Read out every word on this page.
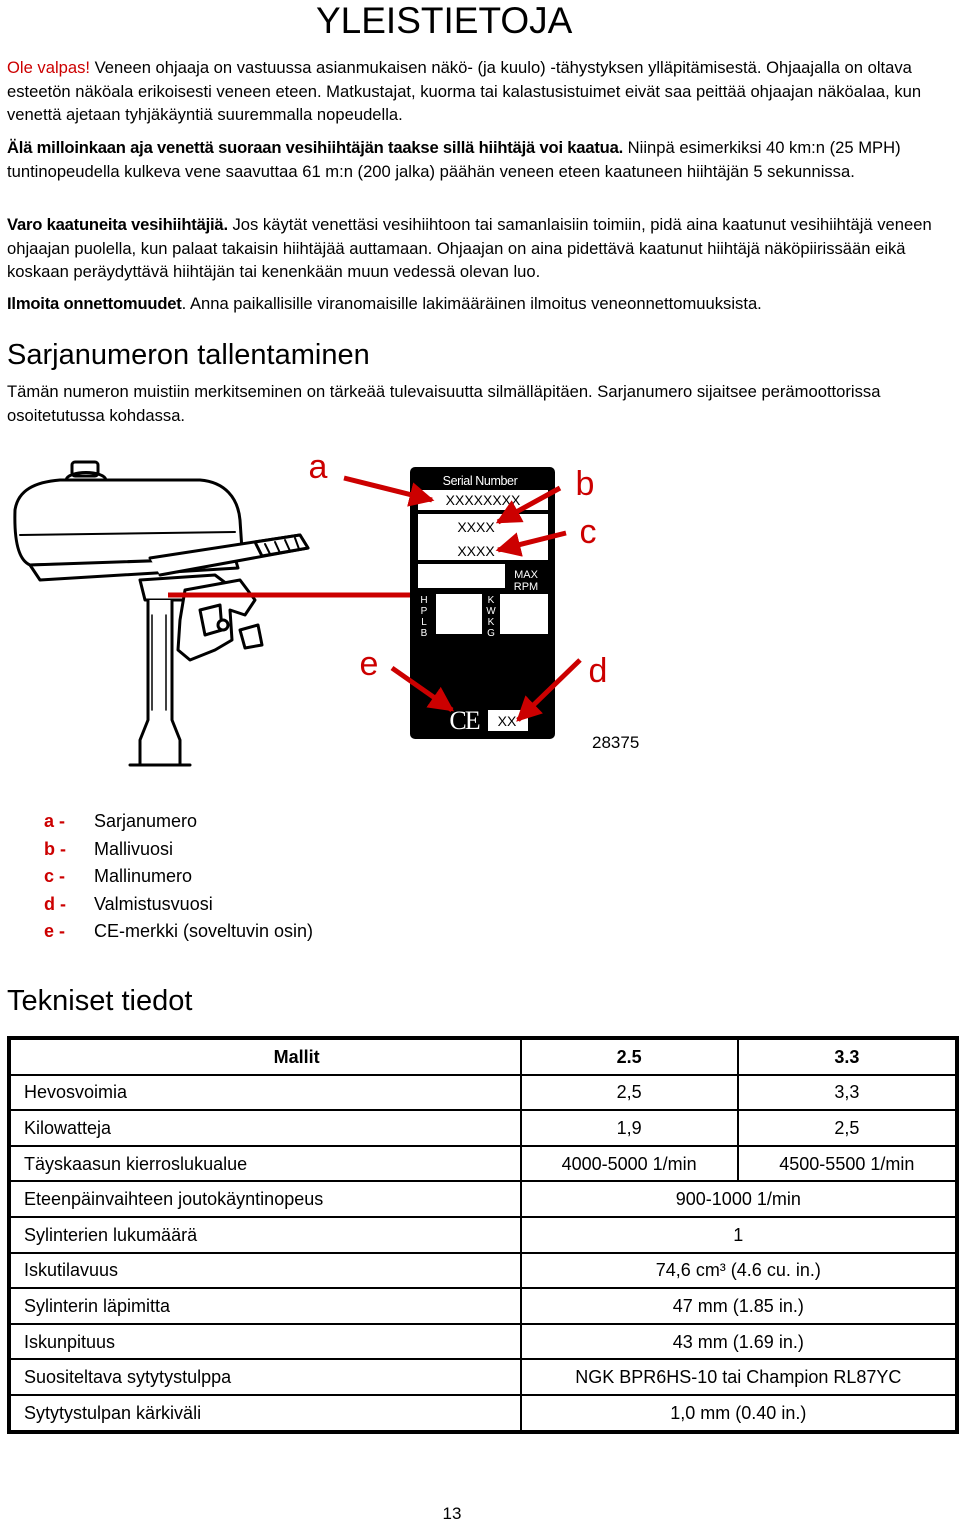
YLEISTIETOJA
Ole valpas! Veneen ohjaaja on vastuussa asianmukaisen näkö- (ja kuulo) -tähystyksen ylläpitämisestä. Ohjaajalla on oltava esteetön näköala erikoisesti veneen eteen. Matkustajat, kuorma tai kalastusistuimet eivät saa peittää ohjaajan näköalaa, kun venettä ajetaan tyhjäkäyntiä suuremmalla nopeudella.
Älä milloinkaan aja venettä suoraan vesihiihtäjän taakse sillä hiihtäjä voi kaatua. Niinpä esimerkiksi 40 km:n (25 MPH) tuntinopeudella kulkeva vene saavuttaa 61 m:n (200 jalka) päähän veneen eteen kaatuneen hiihtäjän 5 sekunnissa.
Varo kaatuneita vesihiihtäjiä. Jos käytät venettäsi vesihiihtoon tai samanlaisiin toimiin, pidä aina kaatunut vesihiihtäjä veneen ohjaajan puolella, kun palaat takaisin hiihtäjää auttamaan. Ohjaajan on aina pidettävä kaatunut hiihtäjä näköpiirissään eikä koskaan peräydyttävä hiihtäjän tai kenenkään muun vedessä olevan luo.
Ilmoita onnettomuudet. Anna paikallisille viranomaisille lakimääräinen ilmoitus veneonnettomuuksista.
Sarjanumeron tallentaminen
Tämän numeron muistiin merkitseminen on tärkeää tulevaisuutta silmälläpitäen. Sarjanumero sijaitsee perämoottorissa osoitetutussa kohdassa.
Serial Number
XXXXXXXX
XXXX
XXXX
MAX
RPM
H
P
L
B
K
W
K
G
CE XX
a	b
c
d
e
28375
a -	Sarjanumero
b -	Mallivuosi
c -	Mallinumero
d -	Valmistusvuosi
e -	CE-merkki (soveltuvin osin)
Tekniset tiedot
Mallit	2.5	3.3
Hevosvoimia	2,5	3,3
Kilowatteja	1,9	2,5
Täyskaasun kierroslukualue	4000-5000 1/min	4500-5500 1/min
Eteenpäinvaihteen joutokäyntinopeus	900-1000 1/min	
Sylinterien lukumäärä	1	
Iskutilavuus	74,6 cm³ (4.6 cu. in.)	
Sylinterin läpimitta	47 mm (1.85 in.)	
Iskunpituus	43 mm (1.69 in.)	
Suositeltava sytytystulppa	NGK BPR6HS-10 tai Champion RL87YC	
Sytytystulpan kärkiväli	1,0 mm (0.40 in.)	
13
